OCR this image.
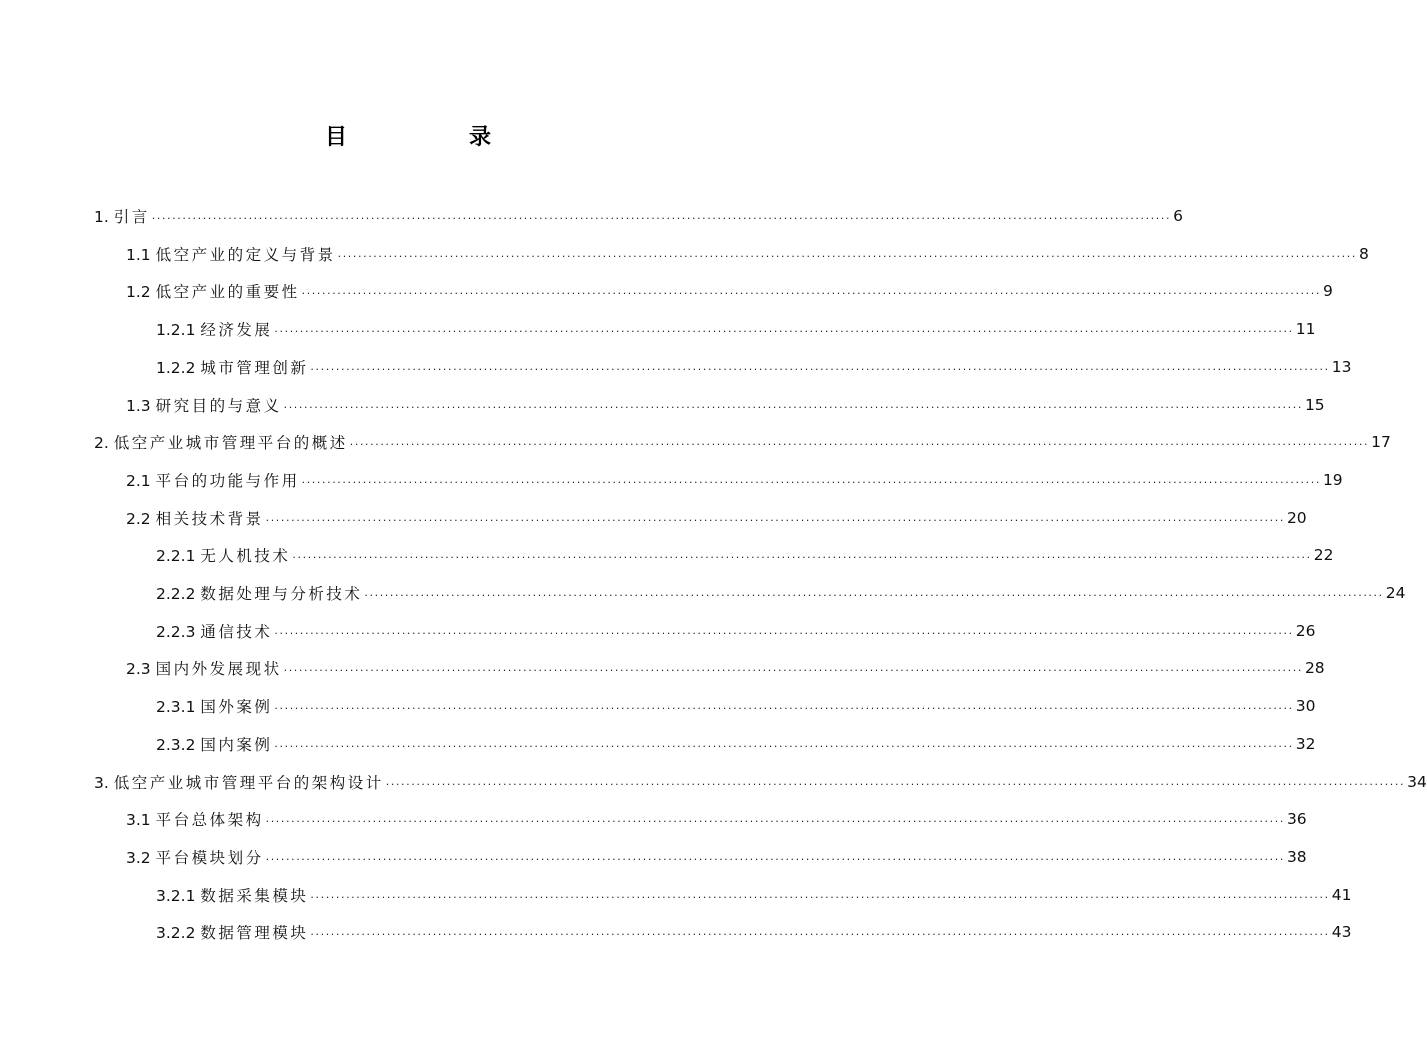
目　录
1. 引言 ........................................................................................................................................................................................................ 6
1.1 低空产业的定义与背景 ........................................................................................................................................................................................................ 8
1.2 低空产业的重要性 ........................................................................................................................................................................................................ 9
1.2.1 经济发展 ........................................................................................................................................................................................................ 11
1.2.2 城市管理创新 ........................................................................................................................................................................................................ 13
1.3 研究目的与意义 ........................................................................................................................................................................................................ 15
2. 低空产业城市管理平台的概述 ........................................................................................................................................................................................................ 17
2.1 平台的功能与作用 ........................................................................................................................................................................................................ 19
2.2 相关技术背景 ........................................................................................................................................................................................................ 20
2.2.1 无人机技术 ........................................................................................................................................................................................................ 22
2.2.2 数据处理与分析技术 ........................................................................................................................................................................................................ 24
2.2.3 通信技术 ........................................................................................................................................................................................................ 26
2.3 国内外发展现状 ........................................................................................................................................................................................................ 28
2.3.1 国外案例 ........................................................................................................................................................................................................ 30
2.3.2 国内案例 ........................................................................................................................................................................................................ 32
3. 低空产业城市管理平台的架构设计 ........................................................................................................................................................................................................ 34
3.1 平台总体架构 ........................................................................................................................................................................................................ 36
3.2 平台模块划分 ........................................................................................................................................................................................................ 38
3.2.1 数据采集模块 ........................................................................................................................................................................................................ 41
3.2.2 数据管理模块 ........................................................................................................................................................................................................ 43
